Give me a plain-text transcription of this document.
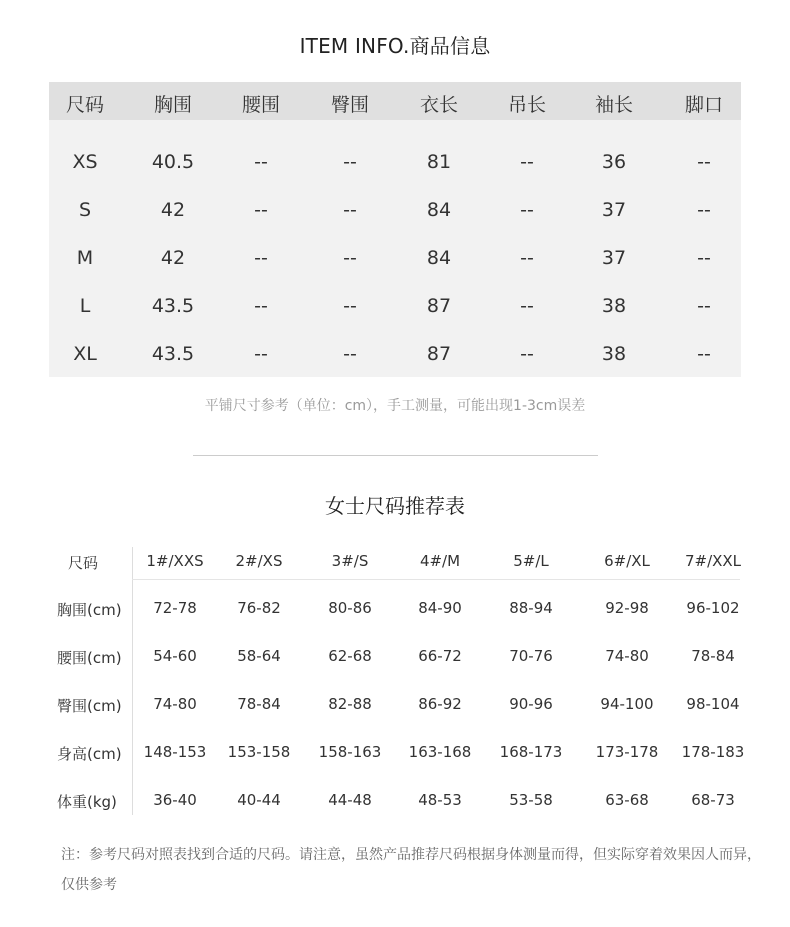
ITEM INFO.商品信息
尺码	胸围	腰围	臀围	衣长	吊长	袖长	脚口
XS	40.5	--	--	81	--	36	--
S	42	--	--	84	--	37	--
M	42	--	--	84	--	37	--
L	43.5	--	--	87	--	38	--
XL	43.5	--	--	87	--	38	--
平铺尺寸参考（单位：cm），手工测量，可能出现1-3cm误差
女士尺码推荐表
尺码	1#/XXS 2#/XS	3#/S	4#/M	5#/L	6#/XL 7#/XXL
胸围(cm) 72-78	76-82	80-86	84-90	88-94	92-98	96-102
腰围(cm) 54-60	58-64	62-68	66-72	70-76	74-80	78-84
臀围(cm) 74-80	78-84	82-88	86-92	90-96	94-100 98-104
身高(cm) 148-153 153-158 158-163 163-168 168-173 173-178 178-183
体重(kg) 36-40	40-44	44-48	48-53	53-58	63-68	68-73
注：参考尺码对照表找到合适的尺码。请注意，虽然产品推荐尺码根据身体测量而得，但实际穿着效果因人而异，仅供参考
